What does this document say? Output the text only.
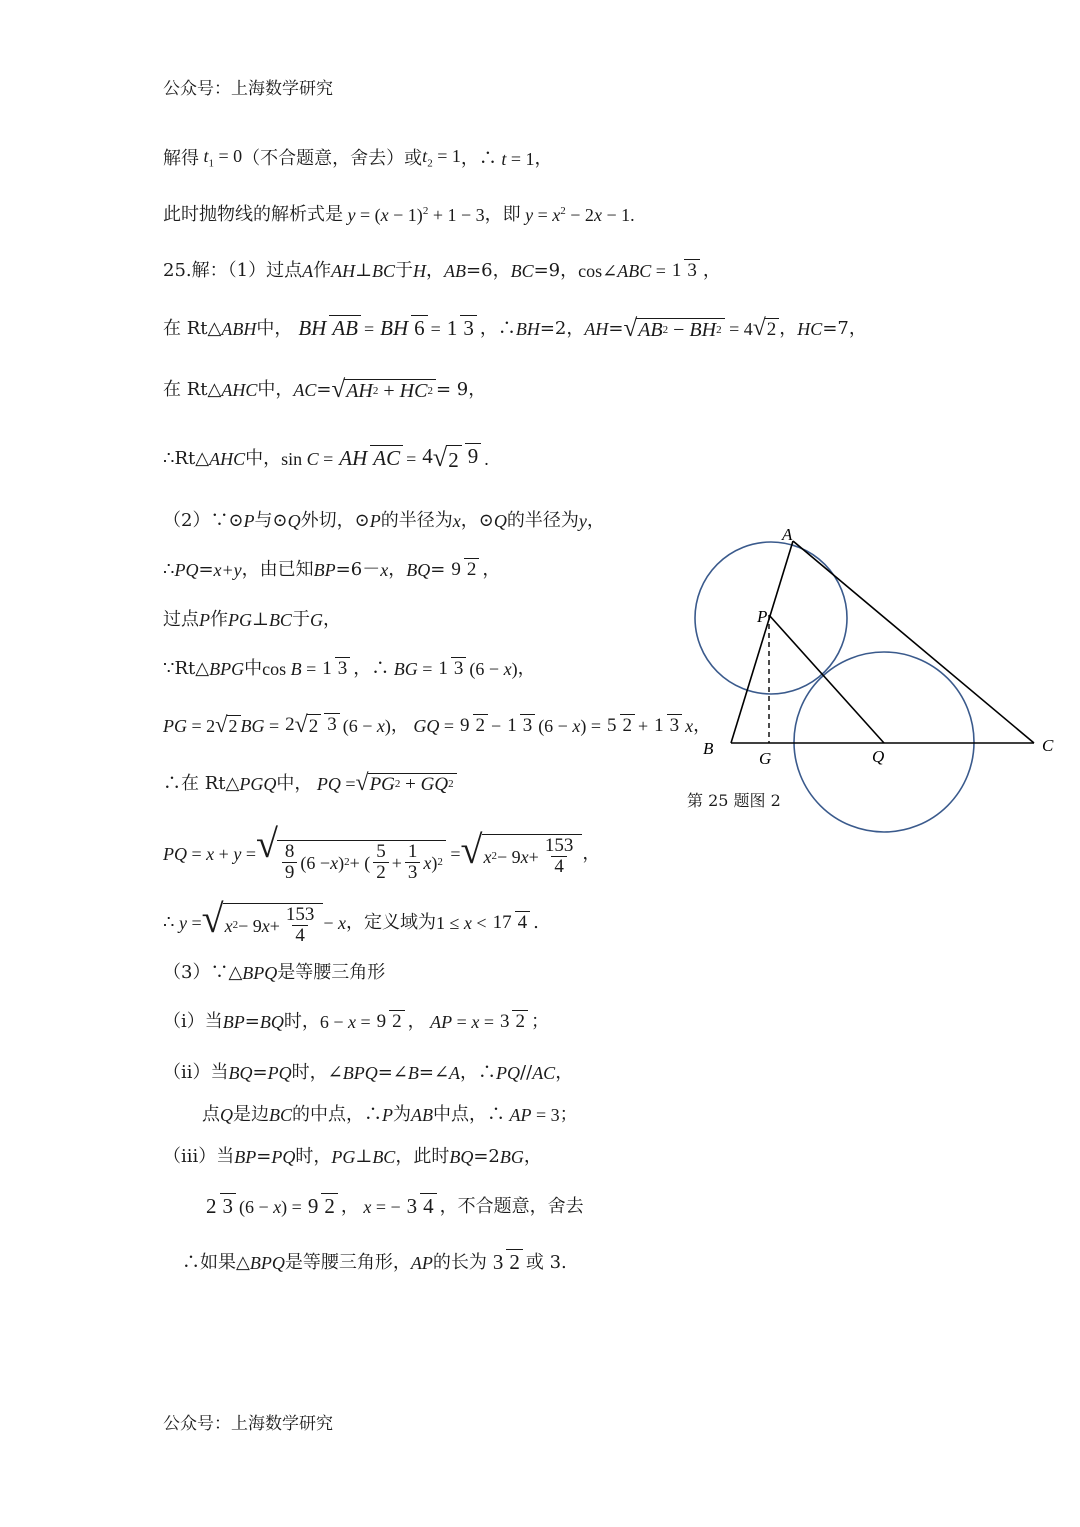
公众号：上海数学研究
解得 $t_1 = 0$ （不合题意，舍去）或 $t_2 = 1$ ，∴ t = 1 ，
此时抛物线的解析式是 $y = (x - 1)^2 + 1 - 3$ ，即 $y = x^2 - 2x - 1$.
25.解：（1）过点 A 作 AH ⊥ BC 于 H ， AB =6， BC =9， cos∠ABC = 1 3 ，
在 Rt△ ABH 中， BH AB = BH 6 = 1 3 ，∴ BH =2， AH = √ AB 2 − BH 2 = 4 √2 ， HC =7，
在 Rt△ AHC 中， AC = √ AH 2 + HC 2 = 9，
∴Rt△ AHC 中， sin C = AH AC = 4 √ 2 9 .
（2）∵⊙ P 与⊙ Q 外切，⊙ P 的半径为 x ，⊙ Q 的半径为 y ，
∴ PQ = x+y ，由已知 BP =6－ x ， BQ = 9 2 ，
过点 P 作 PG ⊥ BC 于 G ，
∵Rt△ BPG 中 cos B = 1 3 ，∴ BG = 1 3 (6 − x) ，
PG = 2 √2 BG = 2 √ 2 3 (6 − x) ， GQ = 9 2 − 1 3 (6 − x) = 5 2 + 1 3 x ，
∴在 Rt△ PGQ 中， PQ = √ PG 2 + GQ 2
PQ = x + y = √ $\frac{8}{9} (6 - x$ ) 2 + ( $\frac{5}{2} + \frac{1}{3}$ x ) 2 = √ x 2 − 9 $x + \frac{153}{4}$ ，
∴ y = √ x 2 − 9 $x + \frac{153}{4} - x$ ，定义域为 1 ≤ x < 17 4 .
（3）∵△ BPQ 是等腰三角形
（i）当 BP = BQ 时， 6 − x = 9 2 ， AP = x = 3 2 ；
（ii）当 BQ = PQ 时，∠ BPQ =∠ B =∠ A ，∴ PQ // AC ，
点 Q 是边 BC 的中点，∴ P 为 AB 中点，∴ AP = 3 ；
（iii）当 BP = PQ 时， PG ⊥ BC ，此时 BQ =2 BG ，
2 3 (6 − x) = 9 2 ， x = − 3 4 ，不合题意，舍去
∴如果△ BPQ 是等腰三角形， AP 的长为 3 2 或 3.
A
P
B
G	Q
C
第 25 题图 2
公众号：上海数学研究
